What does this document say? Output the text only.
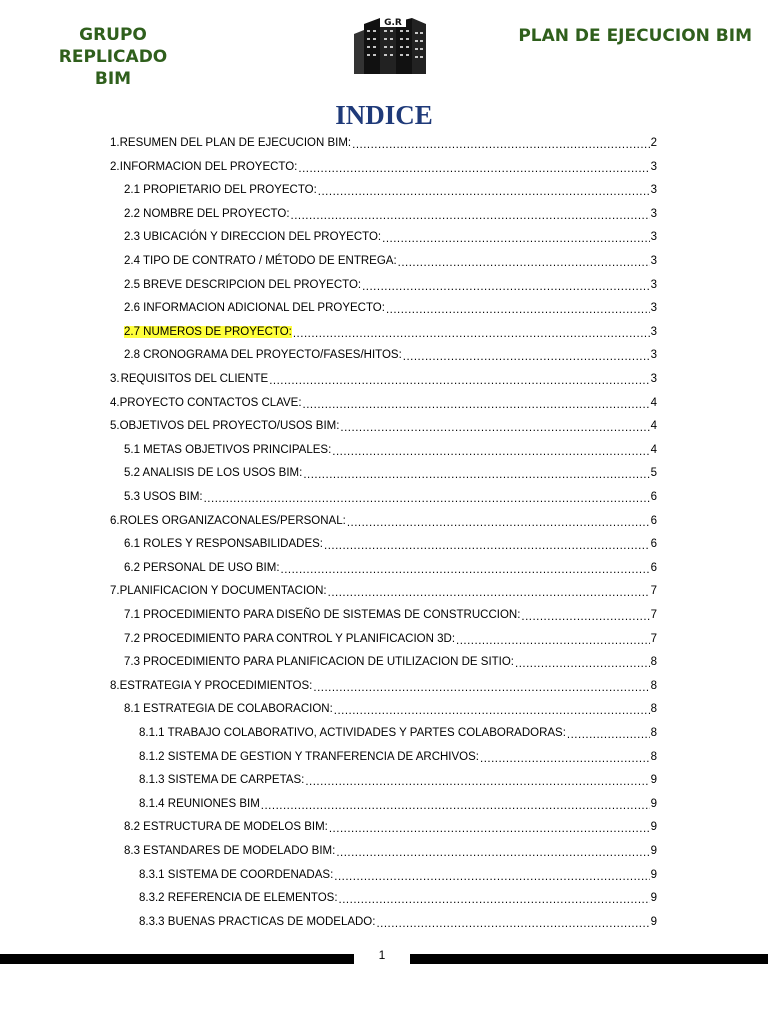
GRUPO REPLICADO
BIM
G.R
PLAN DE EJECUCION BIM
INDICE
1. RESUMEN DEL PLAN DE EJECUCION BIM: .....	2
2. INFORMACION DEL PROYECTO: .....	3
2.1 PROPIETARIO DEL PROYECTO: .....	3
2.2 NOMBRE DEL PROYECTO: .....	3
2.3 UBICACIÓN Y DIRECCION DEL PROYECTO: .....	3
2.4 TIPO DE CONTRATO / MÉTODO DE ENTREGA: .....	3
2.5 BREVE DESCRIPCION DEL PROYECTO: .....	3
2.6 INFORMACION ADICIONAL DEL PROYECTO: .....	3
2.7 NUMEROS DE PROYECTO: .....	3
2.8 CRONOGRAMA DEL PROYECTO/FASES/HITOS: .....	3
3. REQUISITOS DEL CLIENTE .....	3
4. PROYECTO CONTACTOS CLAVE: .....	4
5. OBJETIVOS DEL PROYECTO/USOS BIM: .....	4
5.1 METAS OBJETIVOS PRINCIPALES: .....	4
5.2 ANALISIS DE LOS USOS BIM: .....	5
5.3 USOS BIM: .....	6
6. ROLES ORGANIZACONALES/PERSONAL: .....	6
6.1 ROLES Y RESPONSABILIDADES: .....	6
6.2 PERSONAL DE USO BIM: .....	6
7. PLANIFICACION Y DOCUMENTACION: .....	7
7.1 PROCEDIMIENTO PARA DISEÑO DE SISTEMAS DE CONSTRUCCION: .....	7
7.2 PROCEDIMIENTO PARA CONTROL Y PLANIFICACION 3D: .....	7
7.3 PROCEDIMIENTO PARA PLANIFICACION DE UTILIZACION DE SITIO: .....	8
8. ESTRATEGIA Y PROCEDIMIENTOS: .....	8
8.1 ESTRATEGIA DE COLABORACION: .....	8
8.1.1 TRABAJO COLABORATIVO, ACTIVIDADES Y PARTES COLABORADORAS: .....	8
8.1.2 SISTEMA DE GESTION Y TRANFERENCIA DE ARCHIVOS: .....	8
8.1.3 SISTEMA DE CARPETAS: .....	9
8.1.4 REUNIONES BIM .....	9
8.2 ESTRUCTURA DE MODELOS BIM: .....	9
8.3 ESTANDARES DE MODELADO BIM: .....	9
8.3.1 SISTEMA DE COORDENADAS: .....	9
8.3.2 REFERENCIA DE ELEMENTOS: .....	9
8.3.3 BUENAS PRACTICAS DE MODELADO: .....	9
1
